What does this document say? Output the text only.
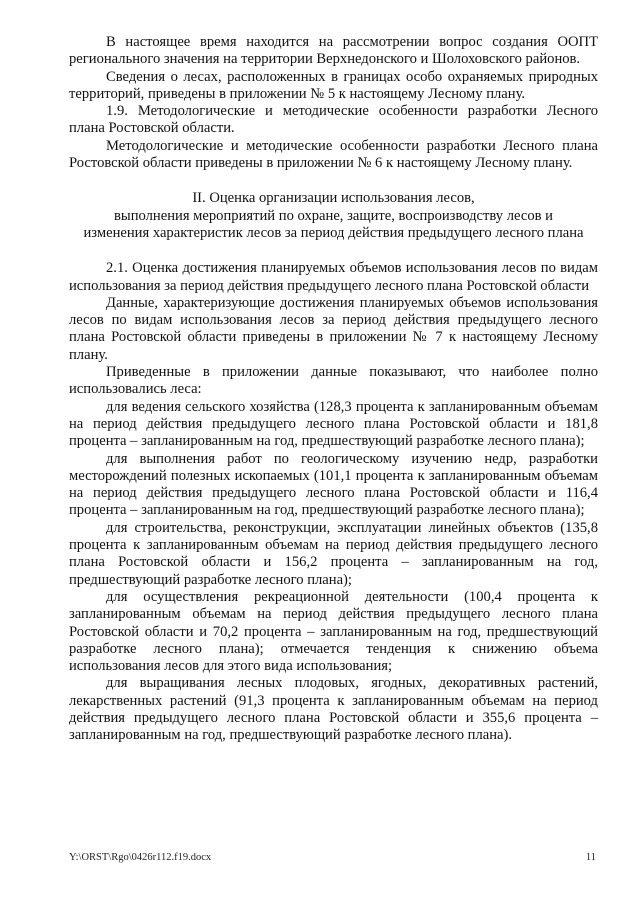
В настоящее время находится на рассмотрении вопрос создания ООПТ регионального значения на территории Верхнедонского и Шолоховского районов.

Сведения о лесах, расположенных в границах особо охраняемых природных территорий, приведены в приложении № 5 к настоящему Лесному плану.

1.9. Методологические и методические особенности разработки Лесного плана Ростовской области.

Методологические и методические особенности разработки Лесного плана Ростовской области приведены в приложении № 6 к настоящему Лесному плану.

II. Оценка организации использования лесов,
выполнения мероприятий по охране, защите, воспроизводству лесов и
изменения характеристик лесов за период действия предыдущего лесного плана

2.1. Оценка достижения планируемых объемов использования лесов по видам использования за период действия предыдущего лесного плана Ростовской области

Данные, характеризующие достижения планируемых объемов использования лесов по видам использования лесов за период действия предыдущего лесного плана Ростовской области приведены в приложении № 7 к настоящему Лесному плану.

Приведенные в приложении данные показывают, что наиболее полно использовались леса:

для ведения сельского хозяйства (128,3 процента к запланированным объемам на период действия предыдущего лесного плана Ростовской области и 181,8 процента – запланированным на год, предшествующий разработке лесного плана);

для выполнения работ по геологическому изучению недр, разработки месторождений полезных ископаемых (101,1 процента к запланированным объемам на период действия предыдущего лесного плана Ростовской области и 116,4 процента – запланированным на год, предшествующий разработке лесного плана);

для строительства, реконструкции, эксплуатации линейных объектов (135,8 процента к запланированным объемам на период действия предыдущего лесного плана Ростовской области и 156,2 процента – запланированным на год, предшествующий разработке лесного плана);

для осуществления рекреационной деятельности (100,4 процента к запланированным объемам на период действия предыдущего лесного плана Ростовской области и 70,2 процента – запланированным на год, предшествующий разработке лесного плана); отмечается тенденция к снижению объема использования лесов для этого вида использования;

для выращивания лесных плодовых, ягодных, декоративных растений, лекарственных растений (91,3 процента к запланированным объемам на период действия предыдущего лесного плана Ростовской области и 355,6 процента – запланированным на год, предшествующий разработке лесного плана).

Y:\ORST\Rgo\0426r112.f19.docx	11
